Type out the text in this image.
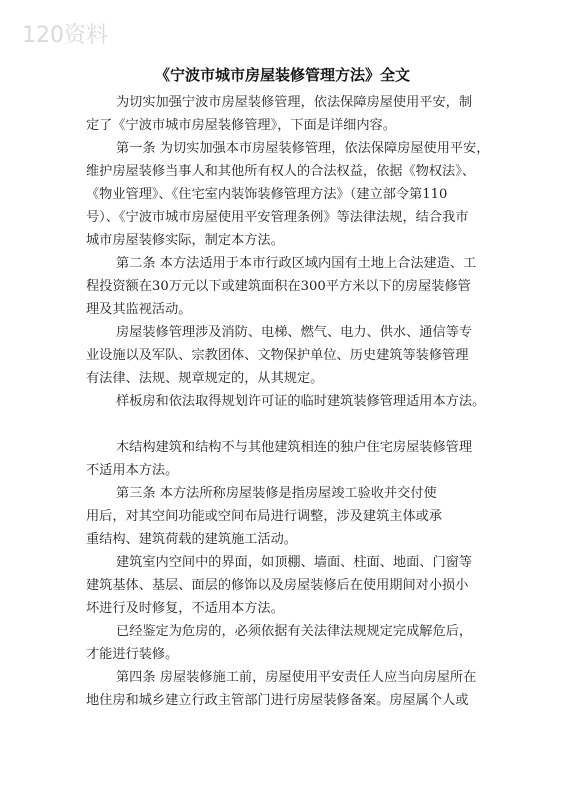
120资料
《宁波市城市房屋装修管理方法》全文
为切实加强宁波市房屋装修管理，依法保障房屋使用平安，制
定了《宁波市城市房屋装修管理》，下面是详细内容。
第一条 为切实加强本市房屋装修管理，依法保障房屋使用平安，
维护房屋装修当事人和其他所有权人的合法权益，依据《物权法》、
《物业管理》、《住宅室内装饰装修管理方法》（建立部令第110
号）、《宁波市城市房屋使用平安管理条例》等法律法规，结合我市
城市房屋装修实际，制定本方法。
第二条 本方法适用于本市行政区域内国有土地上合法建造、工
程投资额在30万元以下或建筑面积在300平方米以下的房屋装修管
理及其监视活动。
房屋装修管理涉及消防、电梯、燃气、电力、供水、通信等专
业设施以及军队、宗教团体、文物保护单位、历史建筑等装修管理
有法律、法规、规章规定的，从其规定。
样板房和依法取得规划许可证的临时建筑装修管理适用本方法。
木结构建筑和结构不与其他建筑相连的独户住宅房屋装修管理
不适用本方法。
第三条 本方法所称房屋装修是指房屋竣工验收并交付使
用后，对其空间功能或空间布局进行调整，涉及建筑主体或承
重结构、建筑荷载的建筑施工活动。
建筑室内空间中的界面，如顶棚、墙面、柱面、地面、门窗等
建筑基体、基层、面层的修饰以及房屋装修后在使用期间对小损小
坏进行及时修复，不适用本方法。
已经鉴定为危房的，必须依据有关法律法规规定完成解危后，
才能进行装修。
第四条 房屋装修施工前，房屋使用平安责任人应当向房屋所在
地住房和城乡建立行政主管部门进行房屋装修备案。房屋属个人或
